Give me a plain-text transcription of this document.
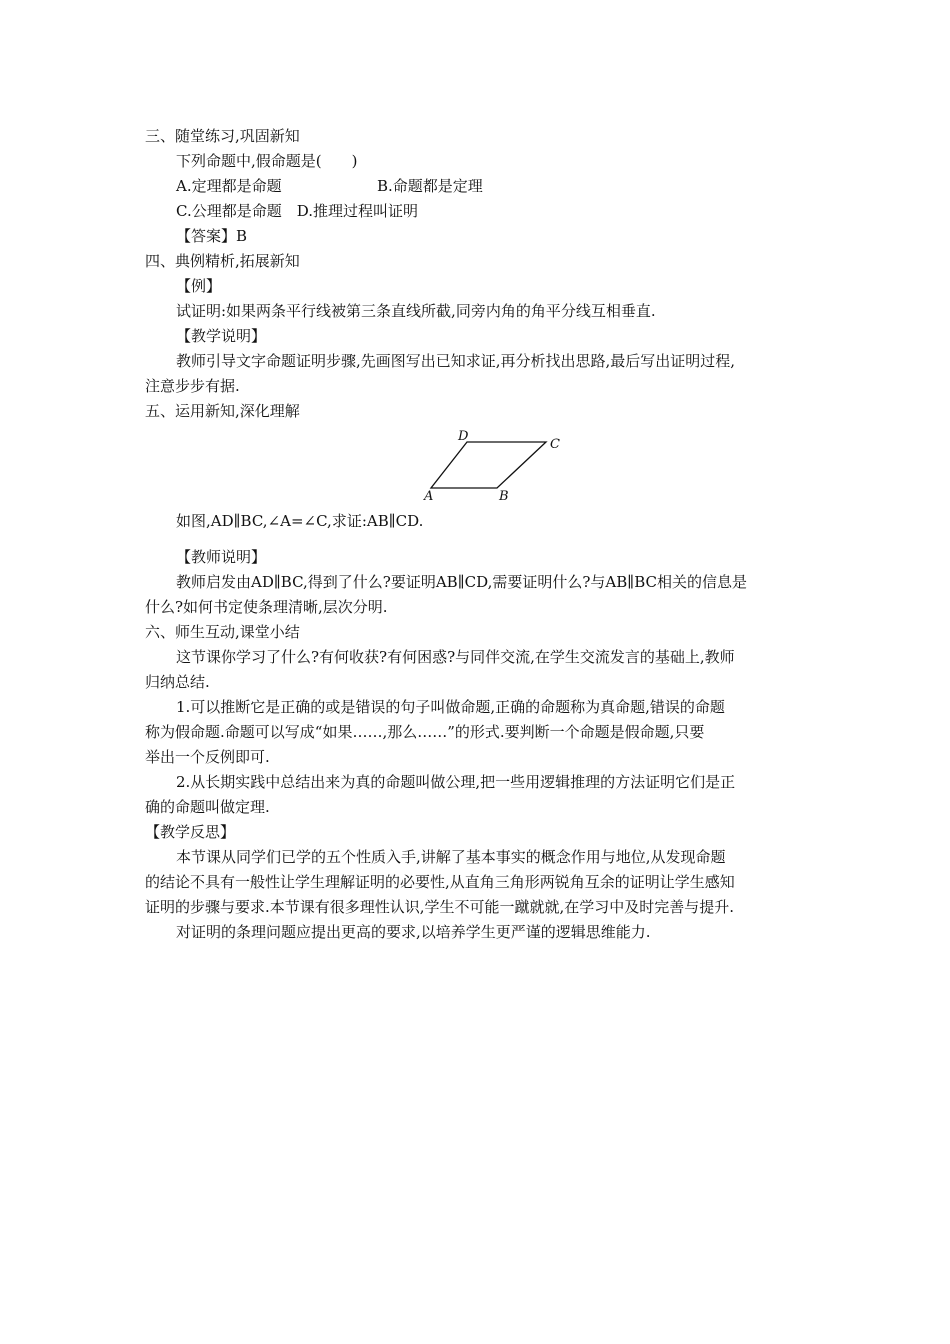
三、随堂练习,巩固新知
下列命题中,假命题是(　　)
A.定理都是命题	B.命题都是定理
C.公理都是命题　D.推理过程叫证明
【答案】B
四、典例精析,拓展新知
【例】
试证明:如果两条平行线被第三条直线所截,同旁内角的角平分线互相垂直.
【教学说明】
教师引导文字命题证明步骤,先画图写出已知求证,再分析找出思路,最后写出证明过程,
注意步步有据.
五、运用新知,深化理解
A	B
C
D
如图,AD∥BC,∠A=∠C,求证:AB∥CD.
【教师说明】
教师启发由AD∥BC,得到了什么?要证明AB∥CD,需要证明什么?与AB∥BC相关的信息是
什么?如何书定使条理清晰,层次分明.
六、师生互动,课堂小结
这节课你学习了什么?有何收获?有何困惑?与同伴交流,在学生交流发言的基础上,教师
归纳总结.
1.可以推断它是正确的或是错误的句子叫做命题,正确的命题称为真命题,错误的命题
称为假命题.命题可以写成“如果……,那么……”的形式.要判断一个命题是假命题,只要
举出一个反例即可.
2.从长期实践中总结出来为真的命题叫做公理,把一些用逻辑推理的方法证明它们是正
确的命题叫做定理.
【教学反思】
本节课从同学们已学的五个性质入手,讲解了基本事实的概念作用与地位,从发现命题
的结论不具有一般性让学生理解证明的必要性,从直角三角形两锐角互余的证明让学生感知
证明的步骤与要求.本节课有很多理性认识,学生不可能一蹴就就,在学习中及时完善与提升.
对证明的条理问题应提出更高的要求,以培养学生更严谨的逻辑思维能力.
